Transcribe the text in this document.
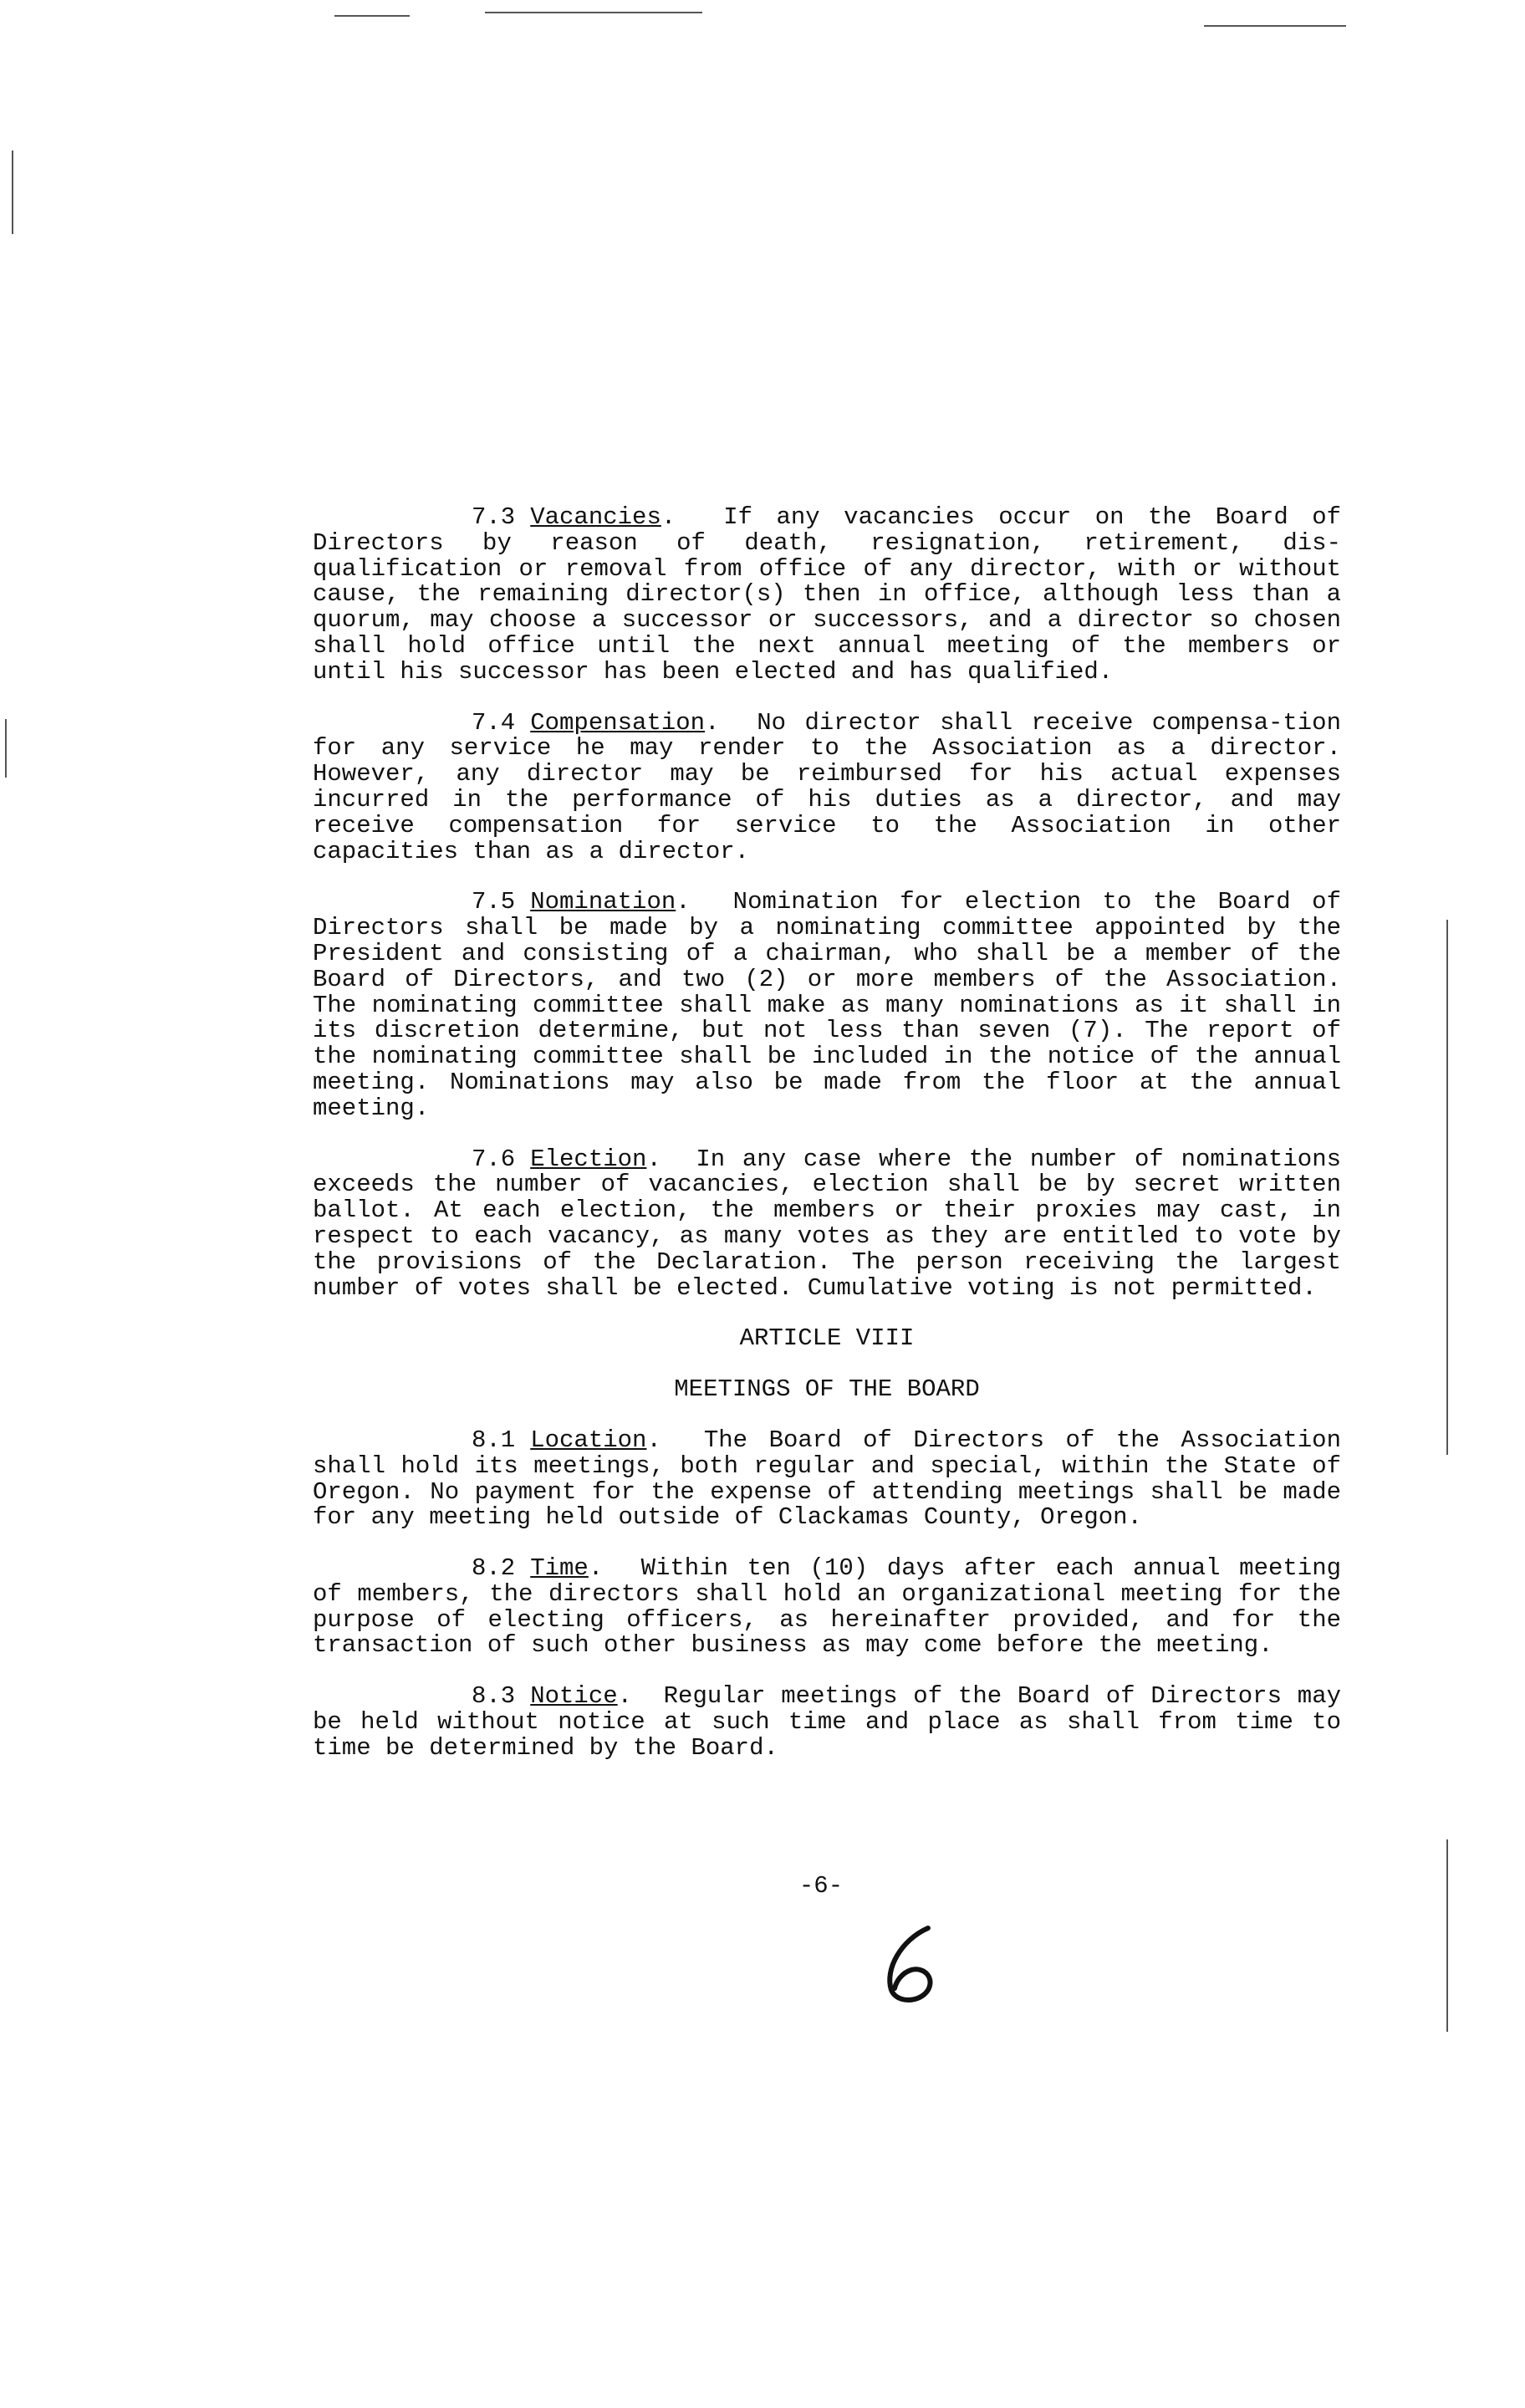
7.3 Vacancies.  If any vacancies occur on the Board of Directors by reason of death, resignation, retirement, dis-qualification or removal from office of any director, with or without cause, the remaining director(s) then in office, although less than a quorum, may choose a successor or successors, and a director so chosen shall hold office until the next annual meeting of the members or until his successor has been elected and has qualified.

7.4 Compensation.  No director shall receive compensa-tion for any service he may render to the Association as a director. However, any director may be reimbursed for his actual expenses incurred in the performance of his duties as a director, and may receive compensation for service to the Association in other capacities than as a director.

7.5 Nomination.  Nomination for election to the Board of Directors shall be made by a nominating committee appointed by the President and consisting of a chairman, who shall be a member of the Board of Directors, and two (2) or more members of the Association. The nominating committee shall make as many nominations as it shall in its discretion determine, but not less than seven (7). The report of the nominating committee shall be included in the notice of the annual meeting. Nominations may also be made from the floor at the annual meeting.

7.6 Election.  In any case where the number of nominations exceeds the number of vacancies, election shall be by secret written ballot. At each election, the members or their proxies may cast, in respect to each vacancy, as many votes as they are entitled to vote by the provisions of the Declaration. The person receiving the largest number of votes shall be elected. Cumulative voting is not permitted.

ARTICLE VIII
MEETINGS OF THE BOARD

8.1 Location.  The Board of Directors of the Association shall hold its meetings, both regular and special, within the State of Oregon. No payment for the expense of attending meetings shall be made for any meeting held outside of Clackamas County, Oregon.

8.2 Time.  Within ten (10) days after each annual meeting of members, the directors shall hold an organizational meeting for the purpose of electing officers, as hereinafter provided, and for the transaction of such other business as may come before the meeting.

8.3 Notice.  Regular meetings of the Board of Directors may be held without notice at such time and place as shall from time to time be determined by the Board.

-6-
